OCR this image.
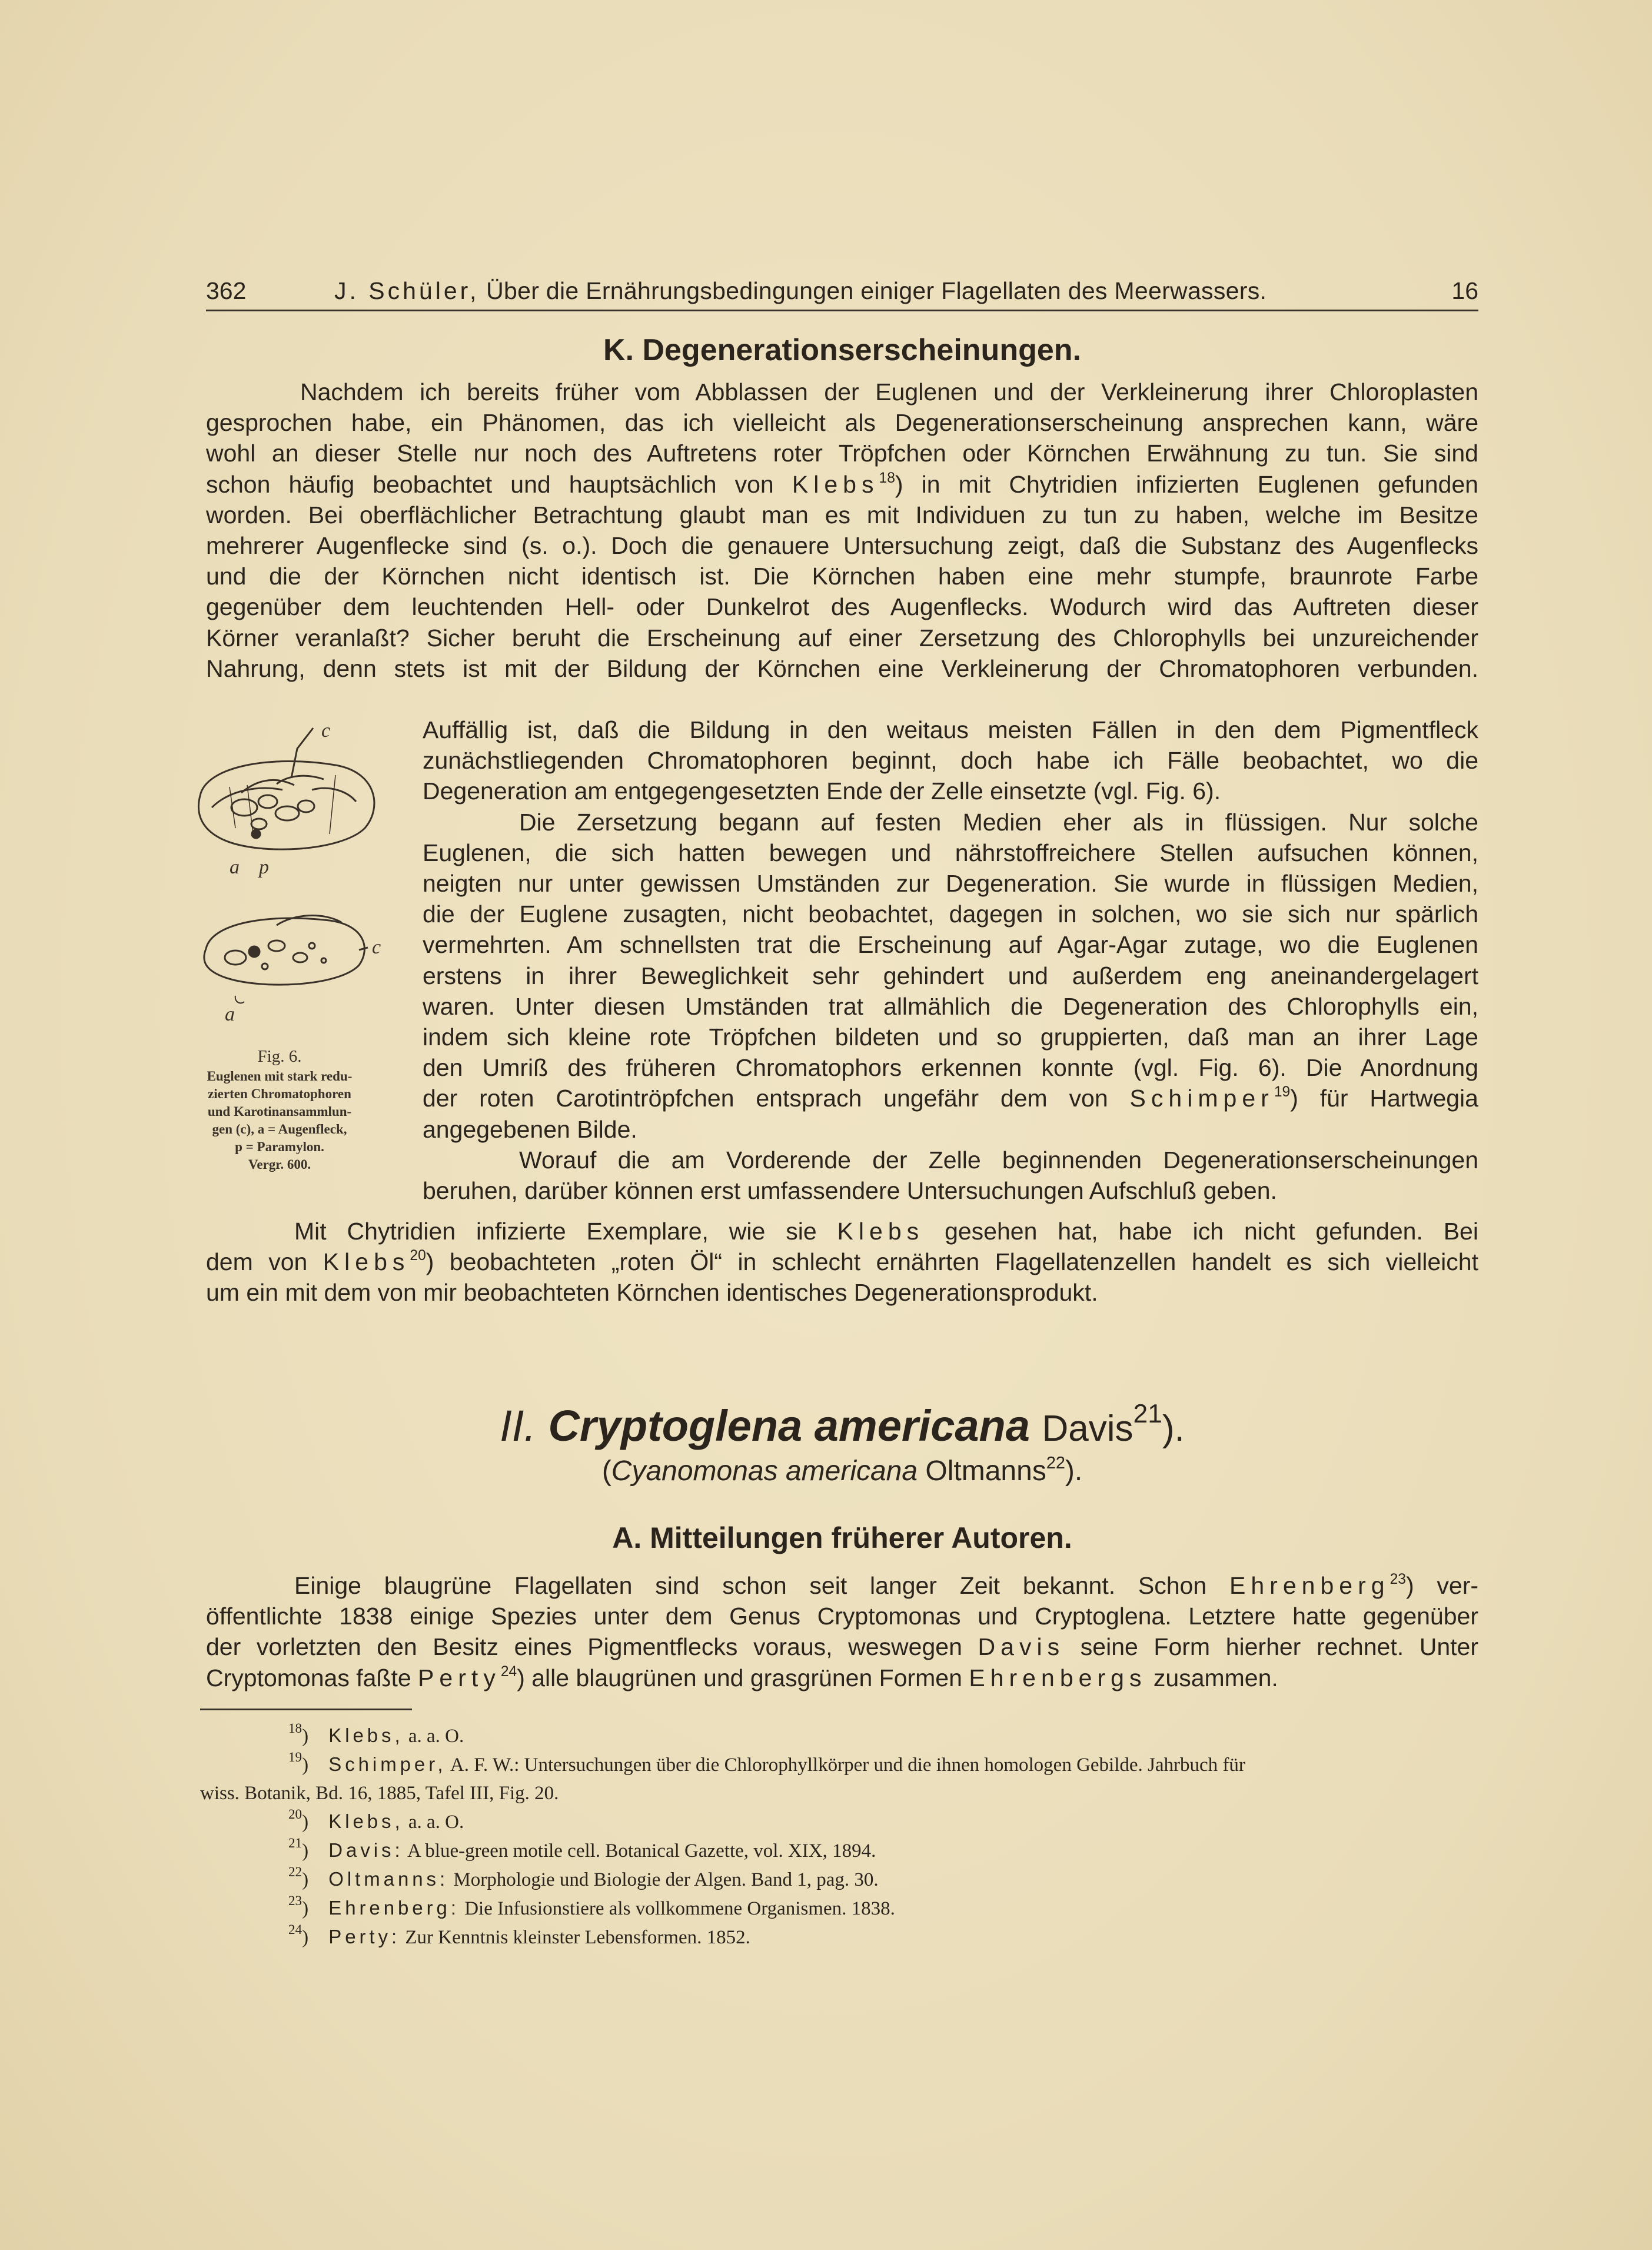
362	J. Schüler, Über die Ernährungsbedingungen einiger Flagellaten des Meerwassers.	16
K. Degenerationserscheinungen.
Nachdem ich bereits früher vom Abblassen der Euglenen und der Verkleinerung ihrer Chloroplasten
gesprochen habe, ein Phänomen, das ich vielleicht als Degenerationserscheinung ansprechen kann, wäre
wohl an dieser Stelle nur noch des Auftretens roter Tröpfchen oder Körnchen Erwähnung zu tun. Sie sind
schon häufig beobachtet und hauptsächlich von Klebs$^{18}$) in mit Chytridien infizierten Euglenen gefunden
worden. Bei oberflächlicher Betrachtung glaubt man es mit Individuen zu tun zu haben, welche im Besitze
mehrerer Augenflecke sind (s. o.). Doch die genauere Untersuchung zeigt, daß die Substanz des Augenflecks
und die der Körnchen nicht identisch ist. Die Körnchen haben eine mehr stumpfe, braunrote Farbe
gegenüber dem leuchtenden Hell- oder Dunkelrot des Augenflecks. Wodurch wird das Auftreten dieser
Körner veranlaßt? Sicher beruht die Erscheinung auf einer Zersetzung des Chlorophylls bei unzureichender
Nahrung, denn stets ist mit der Bildung der Körnchen eine Verkleinerung der Chromatophoren verbunden.
c
a p
c
a
Fig. 6.
Euglenen mit stark redu-
zierten Chromatophoren
und Karotinansammlun-
gen (c), a = Augenfleck,
p = Paramylon.
Vergr. 600.
Auffällig ist, daß die Bildung in den weitaus meisten Fällen in den dem Pigmentfleck
zunächstliegenden Chromatophoren beginnt, doch habe ich Fälle beobachtet, wo die
Degeneration am entgegengesetzten Ende der Zelle einsetzte (vgl. Fig. 6).
Die Zersetzung begann auf festen Medien eher als in flüssigen. Nur solche
Euglenen, die sich hatten bewegen und nährstoffreichere Stellen aufsuchen können,
neigten nur unter gewissen Umständen zur Degeneration. Sie wurde in flüssigen Medien,
die der Euglene zusagten, nicht beobachtet, dagegen in solchen, wo sie sich nur spärlich
vermehrten. Am schnellsten trat die Erscheinung auf Agar-Agar zutage, wo die Euglenen
erstens in ihrer Beweglichkeit sehr gehindert und außerdem eng aneinandergelagert
waren. Unter diesen Umständen trat allmählich die Degeneration des Chlorophylls ein,
indem sich kleine rote Tröpfchen bildeten und so gruppierten, daß man an ihrer Lage
den Umriß des früheren Chromatophors erkennen konnte (vgl. Fig. 6). Die Anordnung
der roten Carotintröpfchen entsprach ungefähr dem von Schimper$^{19}$) für Hartwegia
angegebenen Bilde.
Worauf die am Vorderende der Zelle beginnenden Degenerationserscheinungen
beruhen, darüber können erst umfassendere Untersuchungen Aufschluß geben.
Mit Chytridien infizierte Exemplare, wie sie Klebs gesehen hat, habe ich nicht gefunden. Bei
dem von Klebs$^{20}$) beobachteten „roten Öl“ in schlecht ernährten Flagellatenzellen handelt es sich vielleicht
um ein mit dem von mir beobachteten Körnchen identisches Degenerationsprodukt.
II. Cryptoglena americana Davis$^{21}$).
(Cyanomonas americana Oltmanns$^{22}$).
A. Mitteilungen früherer Autoren.
Einige blaugrüne Flagellaten sind schon seit langer Zeit bekannt. Schon Ehrenberg$^{23}$) ver-
öffentlichte 1838 einige Spezies unter dem Genus Cryptomonas und Cryptoglena. Letztere hatte gegenüber
der vorletzten den Besitz eines Pigmentflecks voraus, weswegen Davis seine Form hierher rechnet. Unter
Cryptomonas faßte Perty$^{24}$) alle blaugrünen und grasgrünen Formen Ehrenbergs zusammen.
$^{18}$) Klebs, a. a. O.
$^{19}$) Schimper, A. F. W.: Untersuchungen über die Chlorophyllkörper und die ihnen homologen Gebilde. Jahrbuch für
wiss. Botanik, Bd. 16, 1885, Tafel III, Fig. 20.
$^{20}$) Klebs, a. a. O.
$^{21}$) Davis: A blue-green motile cell. Botanical Gazette, vol. XIX, 1894.
$^{22}$) Oltmanns: Morphologie und Biologie der Algen. Band 1, pag. 30.
$^{23}$) Ehrenberg: Die Infusionstiere als vollkommene Organismen. 1838.
$^{24}$) Perty: Zur Kenntnis kleinster Lebensformen. 1852.
